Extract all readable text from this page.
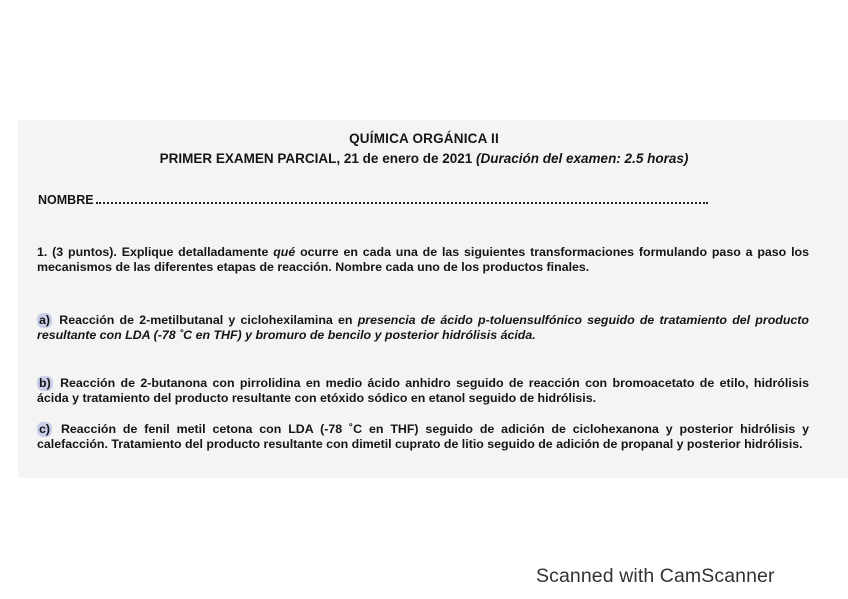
QUÍMICA ORGÁNICA II
PRIMER EXAMEN PARCIAL, 21 de enero de 2021 (Duración del examen: 2.5 horas)
NOMBRE
1. (3 puntos). Explique detalladamente qué ocurre en cada una de las siguientes transformaciones formulando paso a paso los mecanismos de las diferentes etapas de reacción. Nombre cada uno de los productos finales.
a) Reacción de 2-metilbutanal y ciclohexilamina en presencia de ácido p-toluensulfónico seguido de tratamiento del producto resultante con LDA (-78 ˚C en THF) y bromuro de bencilo y posterior hidrólisis ácida.
b) Reacción de 2-butanona con pirrolidina en medio ácido anhidro seguido de reacción con bromoacetato de etilo, hidrólisis ácida y tratamiento del producto resultante con etóxido sódico en etanol seguido de hidrólisis.
c) Reacción de fenil metil cetona con LDA (-78 ˚C en THF) seguido de adición de ciclohexanona y posterior hidrólisis y calefacción. Tratamiento del producto resultante con dimetil cuprato de litio seguido de adición de propanal y posterior hidrólisis.
Scanned with CamScanner
